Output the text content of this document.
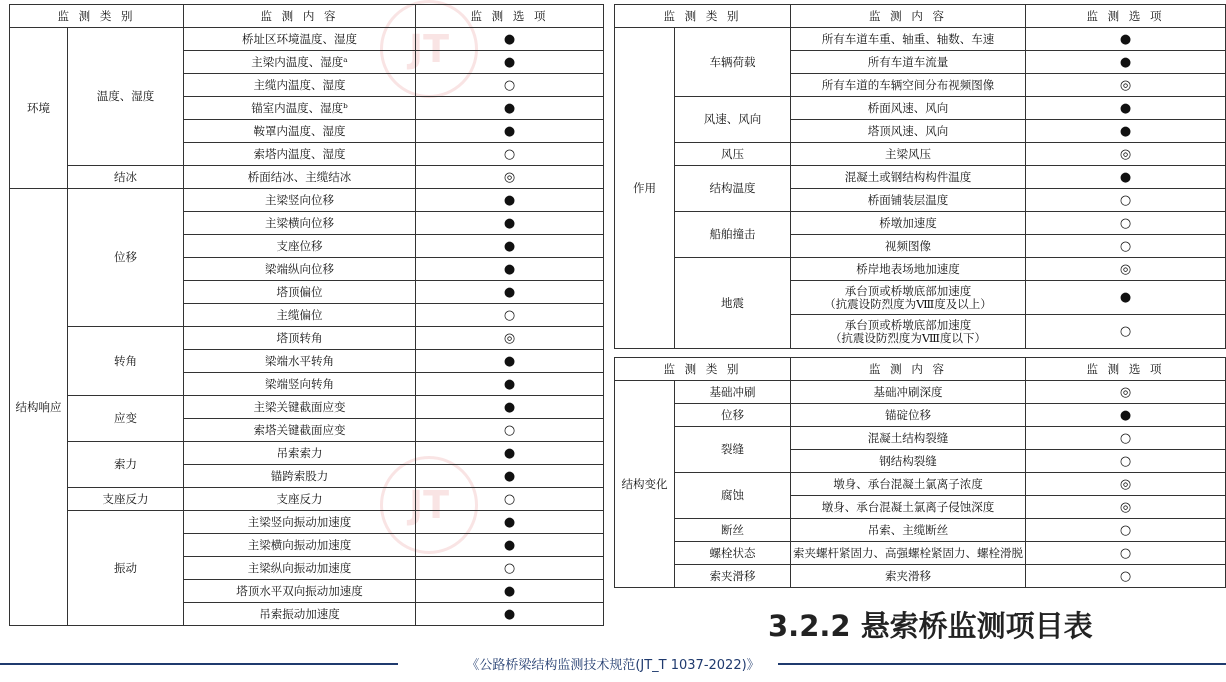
JT
JT
监 测 类 别		监 测 内 容	监 测 选 项
环境	温度、湿度	桥址区环境温度、湿度	●
		主梁内温度、湿度ᵃ	●
		主缆内温度、湿度	○
		锚室内温度、湿度ᵇ	●
		鞍罩内温度、湿度	●
		索塔内温度、湿度	○
	结冰	桥面结冰、主缆结冰	◎
结构响应	位移	主梁竖向位移	●
		主梁横向位移	●
		支座位移	●
		梁端纵向位移	●
		塔顶偏位	●
		主缆偏位	○
	转角	塔顶转角	◎
		梁端水平转角	●
		梁端竖向转角	●
	应变	主梁关键截面应变	●
		索塔关键截面应变	○
	索力	吊索索力	●
		锚跨索股力	●
	支座反力	支座反力	○
	振动	主梁竖向振动加速度	●
		主梁横向振动加速度	●
		主梁纵向振动加速度	○
		塔顶水平双向振动加速度	●
		吊索振动加速度	●
监 测 类 别		监 测 内 容	监 测 选 项
作用	车辆荷载	所有车道车重、轴重、轴数、车速	●
		所有车道车流量	●
		所有车道的车辆空间分布视频图像	◎
	风速、风向	桥面风速、风向	●
		塔顶风速、风向	●
	风压	主梁风压	◎
	结构温度	混凝土或钢结构构件温度	●
		桥面铺装层温度	○
	船舶撞击	桥墩加速度	○
		视频图像	○
	地震	桥岸地表场地加速度	◎

		承台顶或桥墩底部加速度
（抗震设防烈度为Ⅷ度及以上）	●

		承台顶或桥墩底部加速度
（抗震设防烈度为Ⅷ度以下）	○
监 测 类 别		监 测 内 容	监 测 选 项
结构变化	基础冲刷	基础冲刷深度	◎
	位移	锚碇位移	●
	裂缝	混凝土结构裂缝	○
		钢结构裂缝	○
	腐蚀	墩身、承台混凝土氯离子浓度	◎
		墩身、承台混凝土氯离子侵蚀深度	◎
	断丝	吊索、主缆断丝	○
	螺栓状态	索夹螺杆紧固力、高强螺栓紧固力、螺栓滑脱	○
	索夹滑移	索夹滑移	○
3.2.2 悬索桥监测项目表
《公路桥梁结构监测技术规范(JT_T 1037-2022)》
